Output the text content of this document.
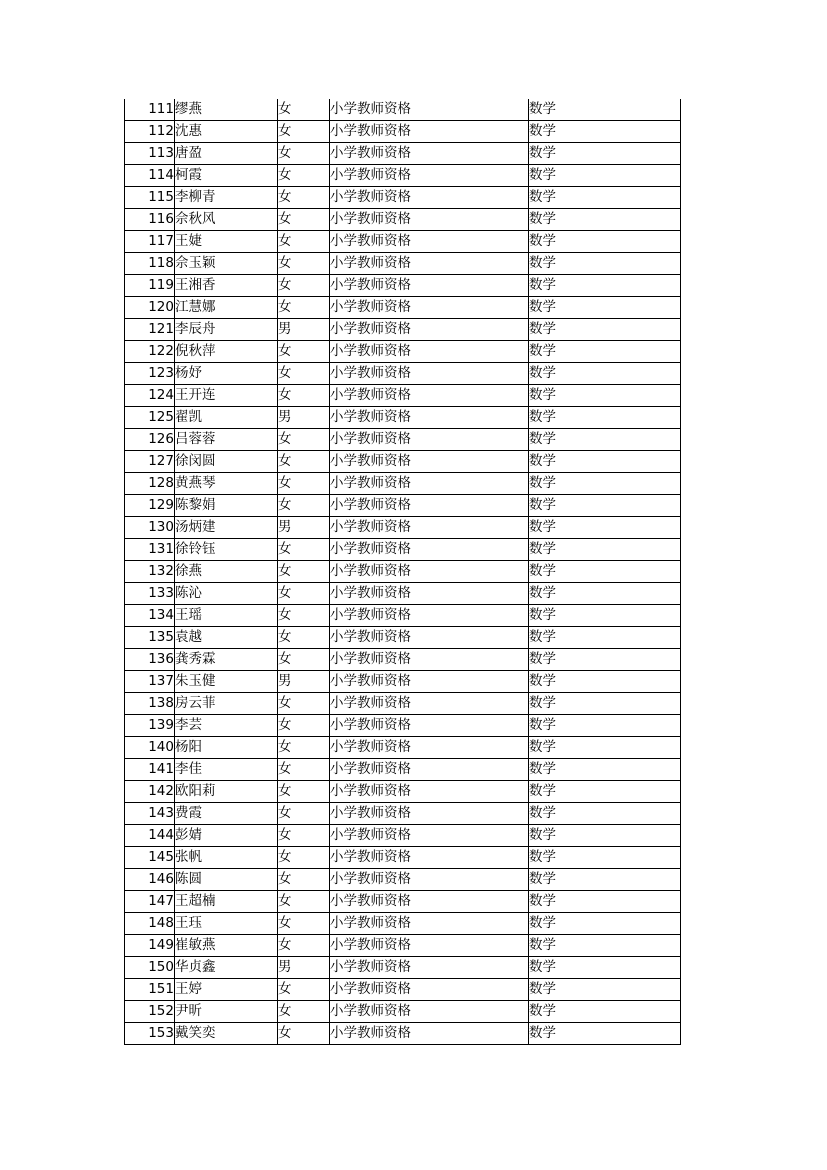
111	缪燕	女	小学教师资格	数学
112	沈惠	女	小学教师资格	数学
113	唐盈	女	小学教师资格	数学
114	柯霞	女	小学教师资格	数学
115	李柳青	女	小学教师资格	数学
116	佘秋风	女	小学教师资格	数学
117	王婕	女	小学教师资格	数学
118	佘玉颖	女	小学教师资格	数学
119	王湘香	女	小学教师资格	数学
120	江慧娜	女	小学教师资格	数学
121	李辰舟	男	小学教师资格	数学
122	倪秋萍	女	小学教师资格	数学
123	杨妤	女	小学教师资格	数学
124	王开连	女	小学教师资格	数学
125	翟凯	男	小学教师资格	数学
126	吕蓉蓉	女	小学教师资格	数学
127	徐闵圆	女	小学教师资格	数学
128	黄燕琴	女	小学教师资格	数学
129	陈黎娟	女	小学教师资格	数学
130	汤炳建	男	小学教师资格	数学
131	徐铃钰	女	小学教师资格	数学
132	徐燕	女	小学教师资格	数学
133	陈沁	女	小学教师资格	数学
134	王瑶	女	小学教师资格	数学
135	袁越	女	小学教师资格	数学
136	龚秀霖	女	小学教师资格	数学
137	朱玉健	男	小学教师资格	数学
138	房云菲	女	小学教师资格	数学
139	李芸	女	小学教师资格	数学
140	杨阳	女	小学教师资格	数学
141	李佳	女	小学教师资格	数学
142	欧阳莉	女	小学教师资格	数学
143	费霞	女	小学教师资格	数学
144	彭婧	女	小学教师资格	数学
145	张帆	女	小学教师资格	数学
146	陈圆	女	小学教师资格	数学
147	王超楠	女	小学教师资格	数学
148	王珏	女	小学教师资格	数学
149	崔敏燕	女	小学教师资格	数学
150	华贞鑫	男	小学教师资格	数学
151	王婷	女	小学教师资格	数学
152	尹昕	女	小学教师资格	数学
153	戴笑奕	女	小学教师资格	数学
